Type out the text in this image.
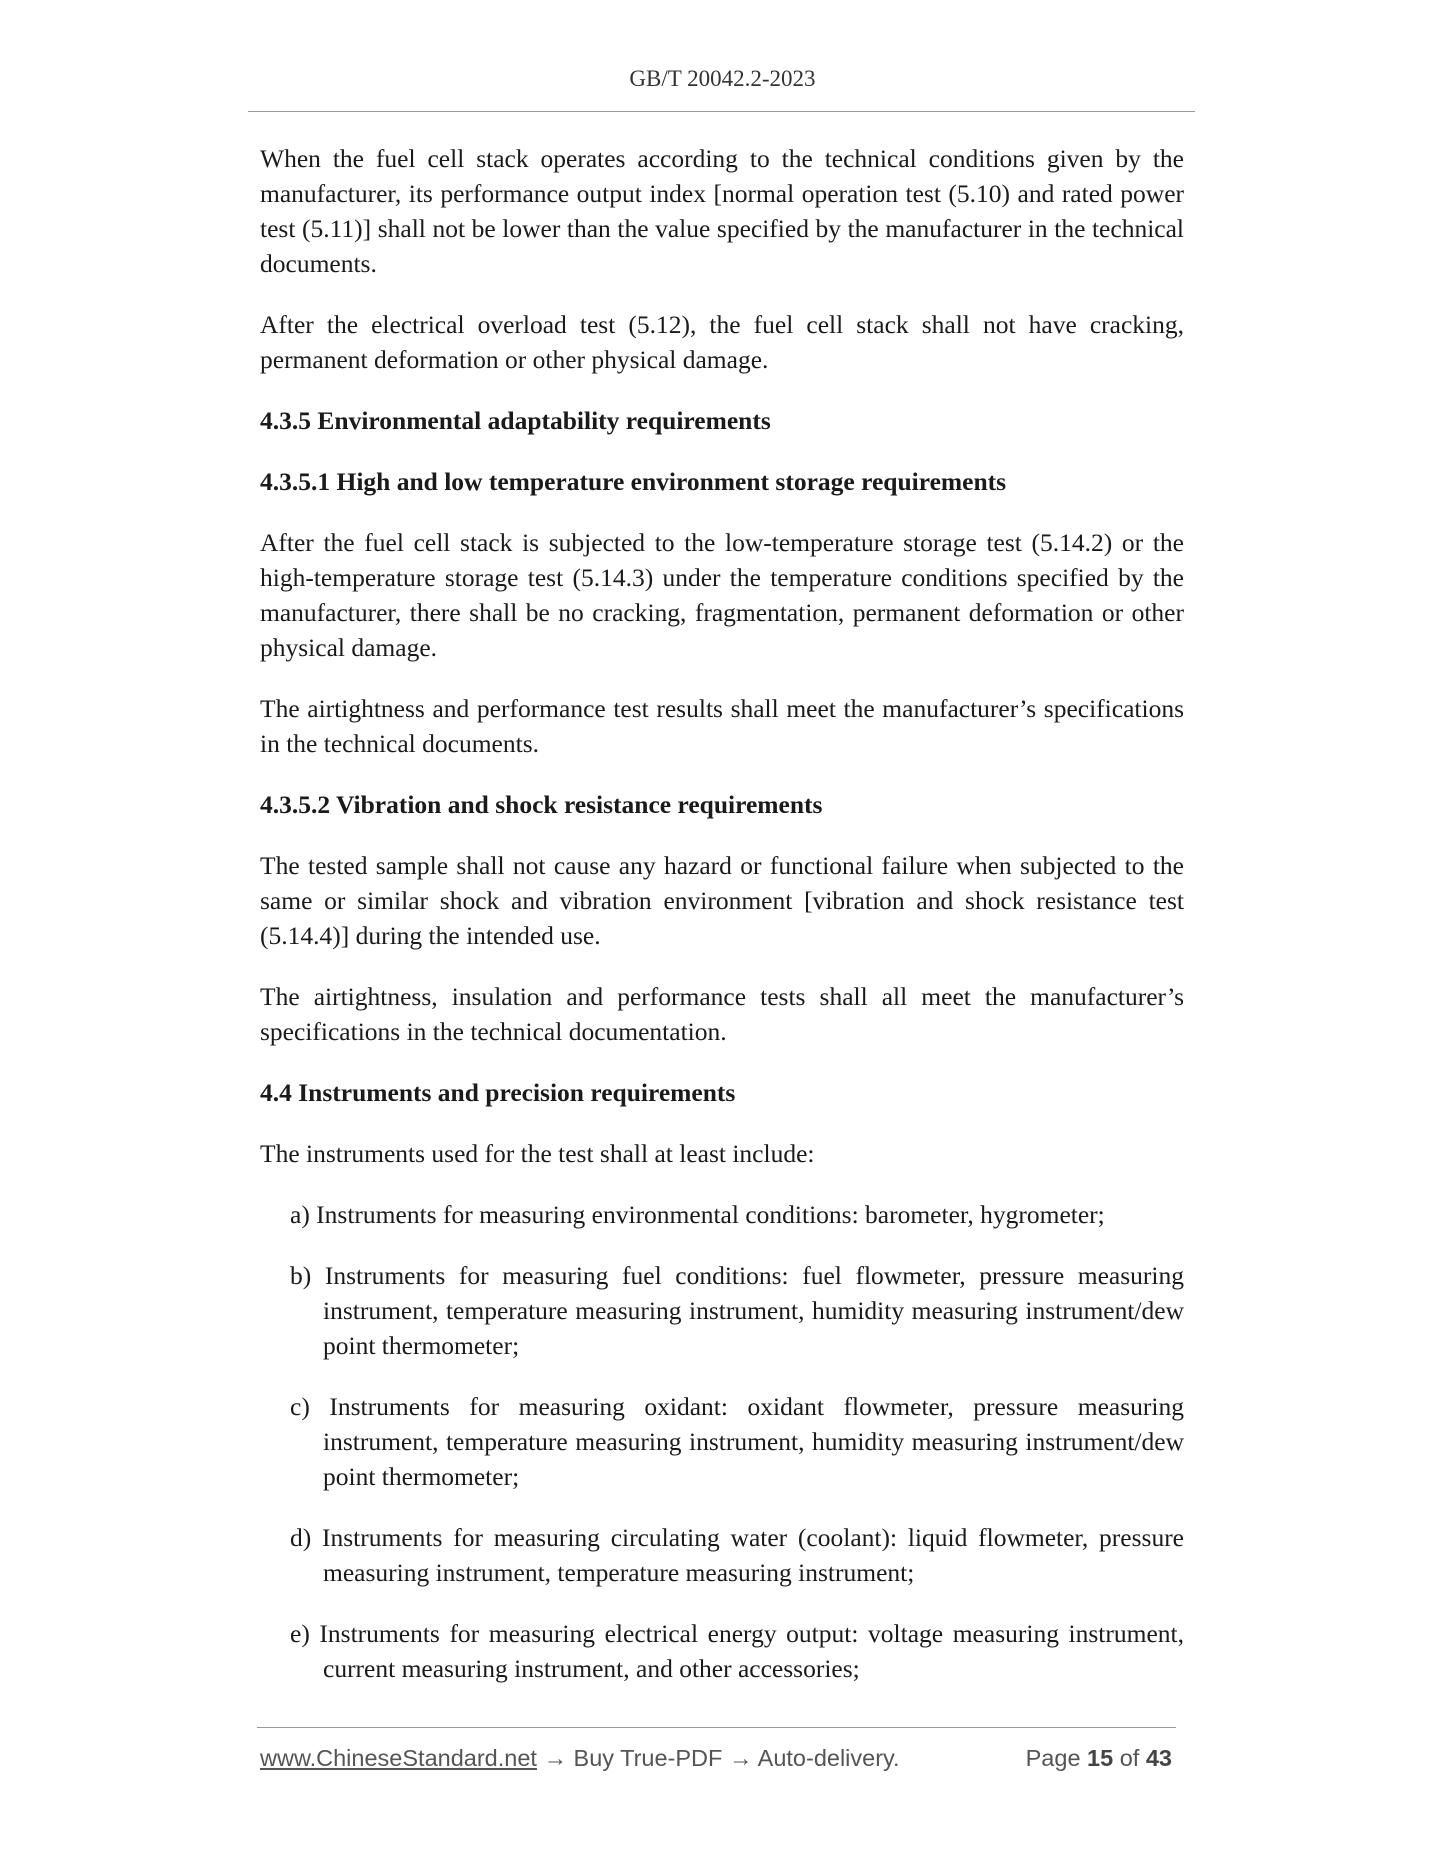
GB/T 20042.2-2023

When the fuel cell stack operates according to the technical conditions given by the manufacturer, its performance output index [normal operation test (5.10) and rated power test (5.11)] shall not be lower than the value specified by the manufacturer in the technical documents.

After the electrical overload test (5.12), the fuel cell stack shall not have cracking, permanent deformation or other physical damage.

4.3.5 Environmental adaptability requirements

4.3.5.1 High and low temperature environment storage requirements

After the fuel cell stack is subjected to the low-temperature storage test (5.14.2) or the high-temperature storage test (5.14.3) under the temperature conditions specified by the manufacturer, there shall be no cracking, fragmentation, permanent deformation or other physical damage.

The airtightness and performance test results shall meet the manufacturer’s specifications in the technical documents.

4.3.5.2 Vibration and shock resistance requirements

The tested sample shall not cause any hazard or functional failure when subjected to the same or similar shock and vibration environment [vibration and shock resistance test (5.14.4)] during the intended use.

The airtightness, insulation and performance tests shall all meet the manufacturer’s specifications in the technical documentation.

4.4 Instruments and precision requirements

The instruments used for the test shall at least include:

a) Instruments for measuring environmental conditions: barometer, hygrometer;

b) Instruments for measuring fuel conditions: fuel flowmeter, pressure measuring instrument, temperature measuring instrument, humidity measuring instrument/dew point thermometer;

c) Instruments for measuring oxidant: oxidant flowmeter, pressure measuring instrument, temperature measuring instrument, humidity measuring instrument/dew point thermometer;

d) Instruments for measuring circulating water (coolant): liquid flowmeter, pressure measuring instrument, temperature measuring instrument;

e) Instruments for measuring electrical energy output: voltage measuring instrument, current measuring instrument, and other accessories;

www.ChineseStandard.net → Buy True-PDF → Auto-delivery.	Page 15 of 43
